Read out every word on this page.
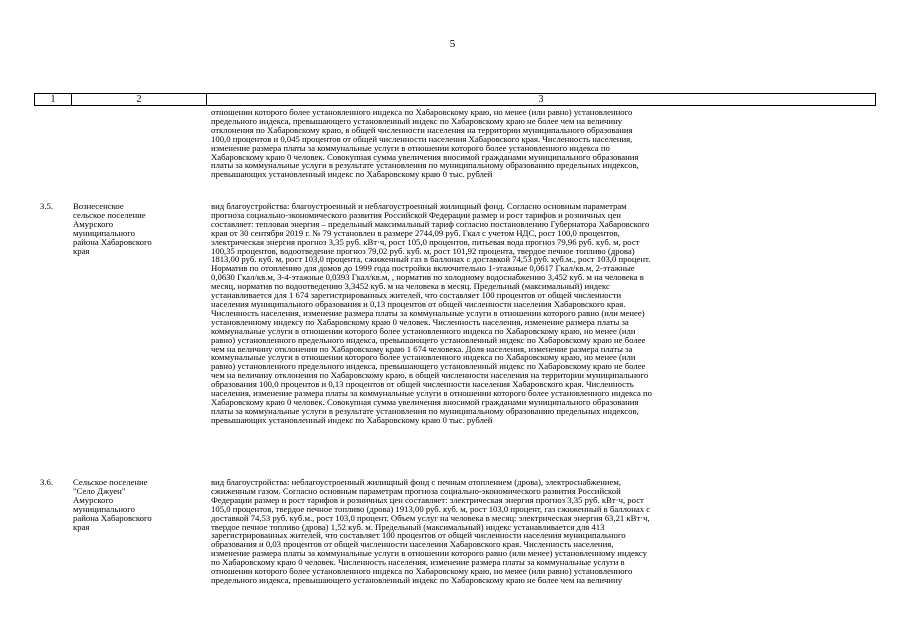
5
1	2	3
отношении которого более установленного индекса по Хабаровскому краю, но менее (или равно) установленного
предельного индекса, превышающего установленный индекс по Хабаровскому краю не более чем на величину
отклонения по Хабаровскому краю, в общей численности населения на территории муниципального образования
100,0 процентов и 0,045 процентов от общей численности населения Хабаровского края. Численность населения,
изменение размера платы за коммунальные услуги в отношении которого более установленного индекса по
Хабаровскому краю 0 человек. Совокупная сумма увеличения вносимой гражданами муниципального образования
платы за коммунальные услуги в результате установления по муниципальному образованию предельных индексов,
превышающих установленный индекс по Хабаровскому краю 0 тыс. рублей
3.5. Вознесенское
сельское поселение
Амурского
муниципального
района Хабаровского
края
вид благоустройства: благоустроенный и неблагоустроенный жилищный фонд. Согласно основным параметрам
прогноза социально-экономического развития Российской Федерации размер и рост тарифов и розничных цен
составляет: тепловая энергия – предельный максимальный тариф согласно постановлению Губернатора Хабаровского
края от 30 сентября 2019 г. № 79 установлен в размере 2744,09 руб. Гкал с учетом НДС, рост 100,0 процентов,
электрическая энергия прогноз 3,35 руб. кВт·ч, рост 105,0 процентов, питьевая вода прогноз 79,96 руб. куб. м, рост
100,35 процентов, водоотведение прогноз 79,02 руб. куб. м, рост 101,92 процента, твердое печное топливо (дрова)
1813,00 руб. куб. м, рост 103,0 процента, сжиженный газ в баллонах с доставкой 74,53 руб. куб.м., рост 103,0 процент.
Норматив по отоплению для домов до 1999 года постройки включительно 1-этажные 0,0617 Гкал/кв.м, 2-этажные
0,0630 Гкал/кв.м, 3-4-этажные 0,0393 Гкал/кв.м, , норматив по холодному водоснабжению 3,452 куб. м на человека в
месяц, норматив по водоотведению 3,3452 куб. м на человека в месяц. Предельный (максимальный) индекс
устанавливается для 1 674 зарегистрированных жителей, что составляет 100 процентов от общей численности
населения муниципального образования и 0,13 процентов от общей численности населения Хабаровского края.
Численность населения, изменение размера платы за коммунальные услуги в отношении которого равно (или менее)
установленному индексу по Хабаровскому краю 0 человек. Численность населения, изменение размера платы за
коммунальные услуги в отношении которого более установленного индекса по Хабаровскому краю, но менее (или
равно) установленного предельного индекса, превышающего установленный индекс по Хабаровскому краю не более
чем на величину отклонения по Хабаровскому краю 1 674 человека. Доля населения, изменение размера платы за
коммунальные услуги в отношении которого более установленного индекса по Хабаровскому краю, но менее (или
равно) установленного предельного индекса, превышающего установленный индекс по Хабаровскому краю не более
чем на величину отклонения по Хабаровскому краю, в общей численности населения на территории муниципального
образования 100,0 процентов и 0,13 процентов от общей численности населения Хабаровского края. Численность
населения, изменение размера платы за коммунальные услуги в отношении которого более установленного индекса по
Хабаровскому краю 0 человек. Совокупная сумма увеличения вносимой гражданами муниципального образования
платы за коммунальные услуги в результате установления по муниципальному образованию предельных индексов,
превышающих установленный индекс по Хабаровскому краю 0 тыс. рублей
3.6. Сельское поселение
"Село Джуен"
Амурского
муниципального
района Хабаровского
края
вид благоустройства: неблагоустроенный жилищный фонд с печным отоплением (дрова), электроснабжением,
сжиженным газом. Согласно основным параметрам прогноза социально-экономического развития Российской
Федерации размер и рост тарифов и розничных цен составляет: электрическая энергия прогноз 3,35 руб. кВт·ч, рост
105,0 процентов, твердое печное топливо (дрова) 1913,00 руб. куб. м, рост 103,0 процент, газ сжиженный в баллонах с
доставкой 74,53 руб. куб.м., рост 103,0 процент. Объем услуг на человека в месяц: электрическая энергия 63,21 кВт·ч,
твердое печное топливо (дрова) 1,52 куб. м. Предельный (максимальный) индекс устанавливается для 413
зарегистрированных жителей, что составляет 100 процентов от общей численности населения муниципального
образования и 0,03 процентов от общей численности населения Хабаровского края. Численность населения,
изменение размера платы за коммунальные услуги в отношении которого равно (или менее) установленному индексу
по Хабаровскому краю 0 человек. Численность населения, изменение размера платы за коммунальные услуги в
отношении которого более установленного индекса по Хабаровскому краю, но менее (или равно) установленного
предельного индекса, превышающего установленный индекс по Хабаровскому краю не более чем на величину
